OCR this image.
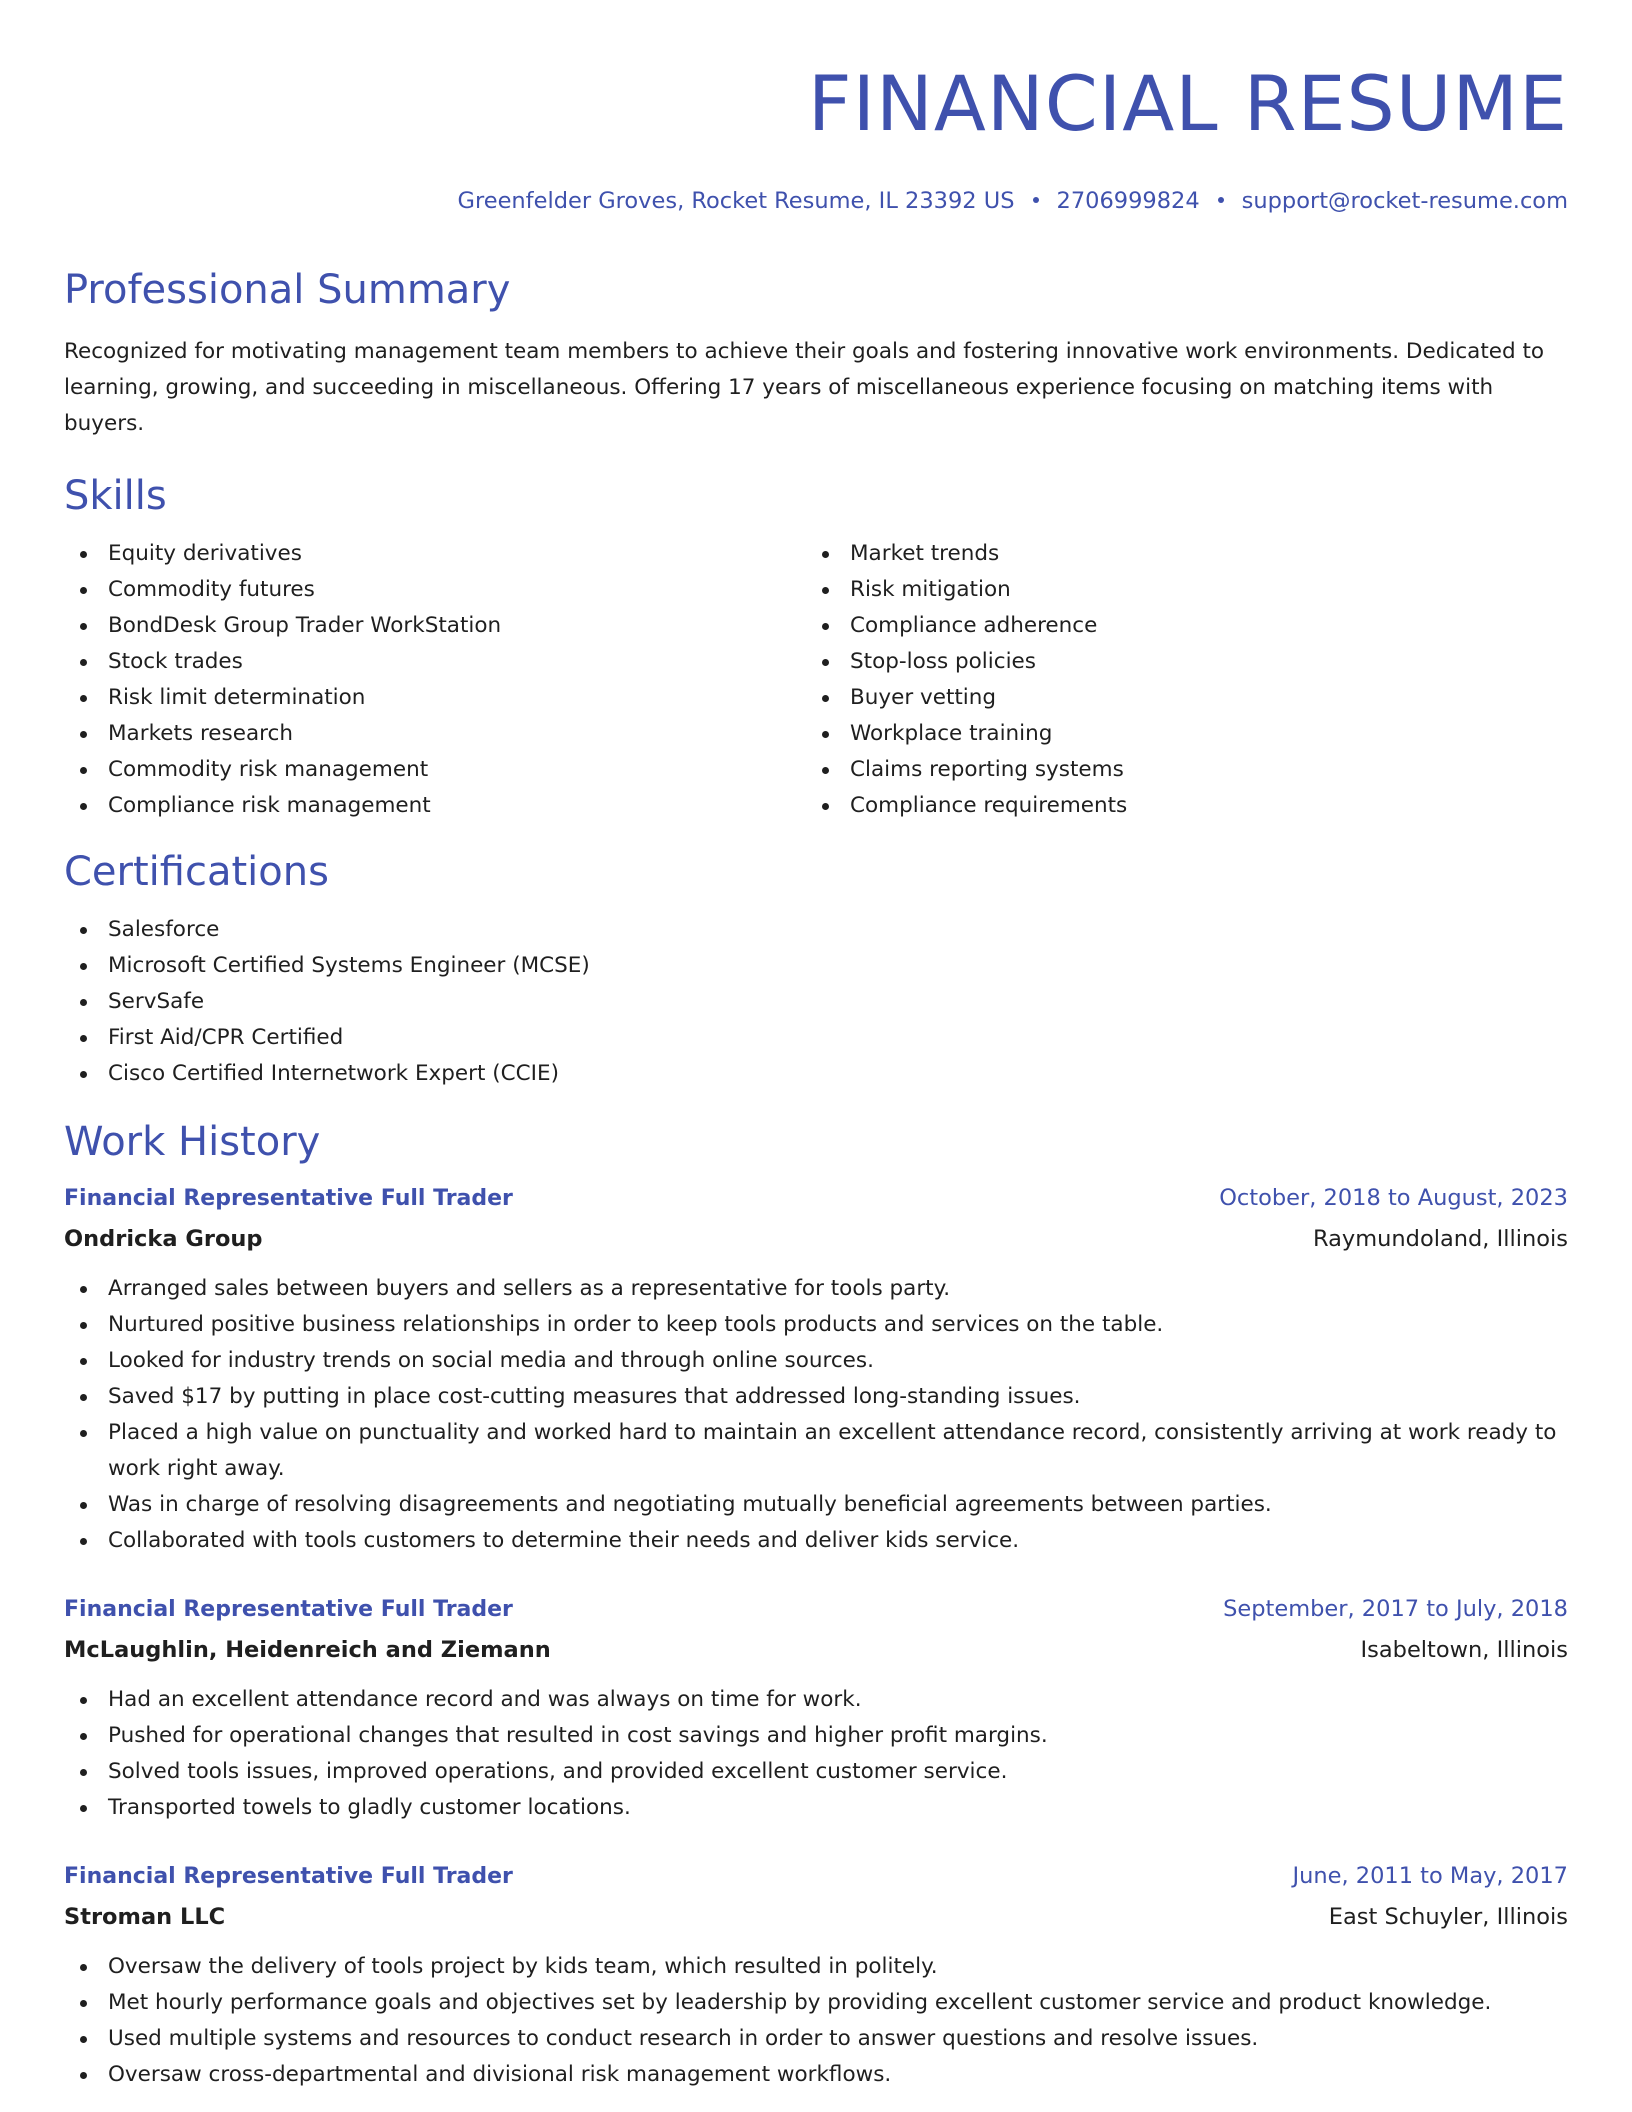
FINANCIAL RESUME
Greenfelder Groves, Rocket Resume, IL 23392 US 2706999824 support@rocket-resume.com
Professional Summary

Recognized for motivating management team members to achieve their goals and fostering innovative work environments. Dedicated to learning, growing, and succeeding in miscellaneous. Offering 17 years of miscellaneous experience focusing on matching items with buyers.

Skills
Equity derivatives
Commodity futures
BondDesk Group Trader WorkStation
Stock trades
Risk limit determination
Markets research
Commodity risk management
Compliance risk management
Market trends
Risk mitigation
Compliance adherence
Stop-loss policies
Buyer vetting
Workplace training
Claims reporting systems
Compliance requirements
Certifications
Salesforce
Microsoft Certified Systems Engineer (MCSE)
ServSafe
First Aid/CPR Certified
Cisco Certified Internetwork Expert (CCIE)
Work History
Financial Representative Full Trader	October, 2018 to August, 2023
Ondricka Group	Raymundoland, Illinois
Arranged sales between buyers and sellers as a representative for tools party.
Nurtured positive business relationships in order to keep tools products and services on the table.
Looked for industry trends on social media and through online sources.
Saved $17 by putting in place cost-cutting measures that addressed long-standing issues.
Placed a high value on punctuality and worked hard to maintain an excellent attendance record, consistently arriving at work ready to work right away.
Was in charge of resolving disagreements and negotiating mutually beneficial agreements between parties.
Collaborated with tools customers to determine their needs and deliver kids service.
Financial Representative Full Trader	September, 2017 to July, 2018
McLaughlin, Heidenreich and Ziemann	Isabeltown, Illinois
Had an excellent attendance record and was always on time for work.
Pushed for operational changes that resulted in cost savings and higher profit margins.
Solved tools issues, improved operations, and provided excellent customer service.
Transported towels to gladly customer locations.
Financial Representative Full Trader	June, 2011 to May, 2017
Stroman LLC	East Schuyler, Illinois
Oversaw the delivery of tools project by kids team, which resulted in politely.
Met hourly performance goals and objectives set by leadership by providing excellent customer service and product knowledge.
Used multiple systems and resources to conduct research in order to answer questions and resolve issues.
Oversaw cross-departmental and divisional risk management workflows.
